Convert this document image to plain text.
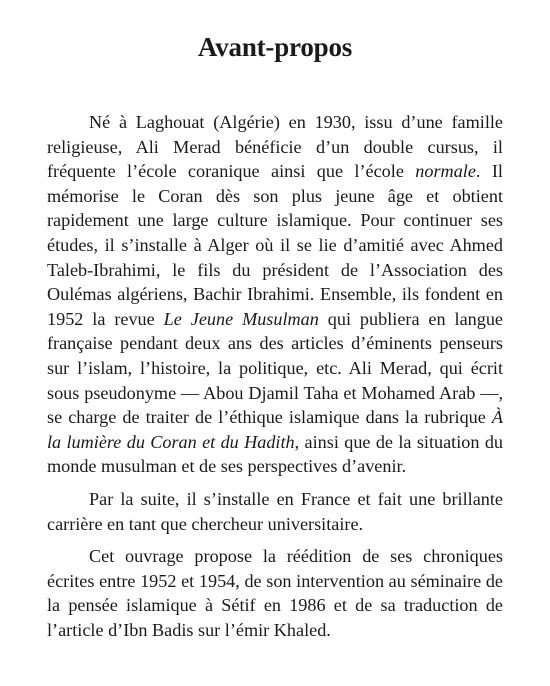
Avant-propos

Né à Laghouat (Algérie) en 1930, issu d’une famille religieuse, Ali Merad bénéficie d’un double cursus, il fréquente l’école coranique ainsi que l’école normale. Il mémorise le Coran dès son plus jeune âge et obtient rapidement une large culture islamique. Pour continuer ses études, il s’installe à Alger où il se lie d’amitié avec Ahmed Taleb-Ibrahimi, le fils du président de l’Association des Oulémas algériens, Bachir Ibrahimi. Ensemble, ils fondent en 1952 la revue Le Jeune Musulman qui publiera en langue française pendant deux ans des articles d’éminents penseurs sur l’islam, l’histoire, la politique, etc. Ali Merad, qui écrit sous pseudonyme — Abou Djamil Taha et Mohamed Arab —, se charge de traiter de l’éthique islamique dans la rubrique À la lumière du Coran et du Hadith, ainsi que de la situation du monde musulman et de ses perspectives d’avenir.

Par la suite, il s’installe en France et fait une brillante carrière en tant que chercheur universitaire.

Cet ouvrage propose la réédition de ses chroniques écrites entre 1952 et 1954, de son intervention au séminaire de la pensée islamique à Sétif en 1986 et de sa traduction de l’article d’Ibn Badis sur l’émir Khaled.
